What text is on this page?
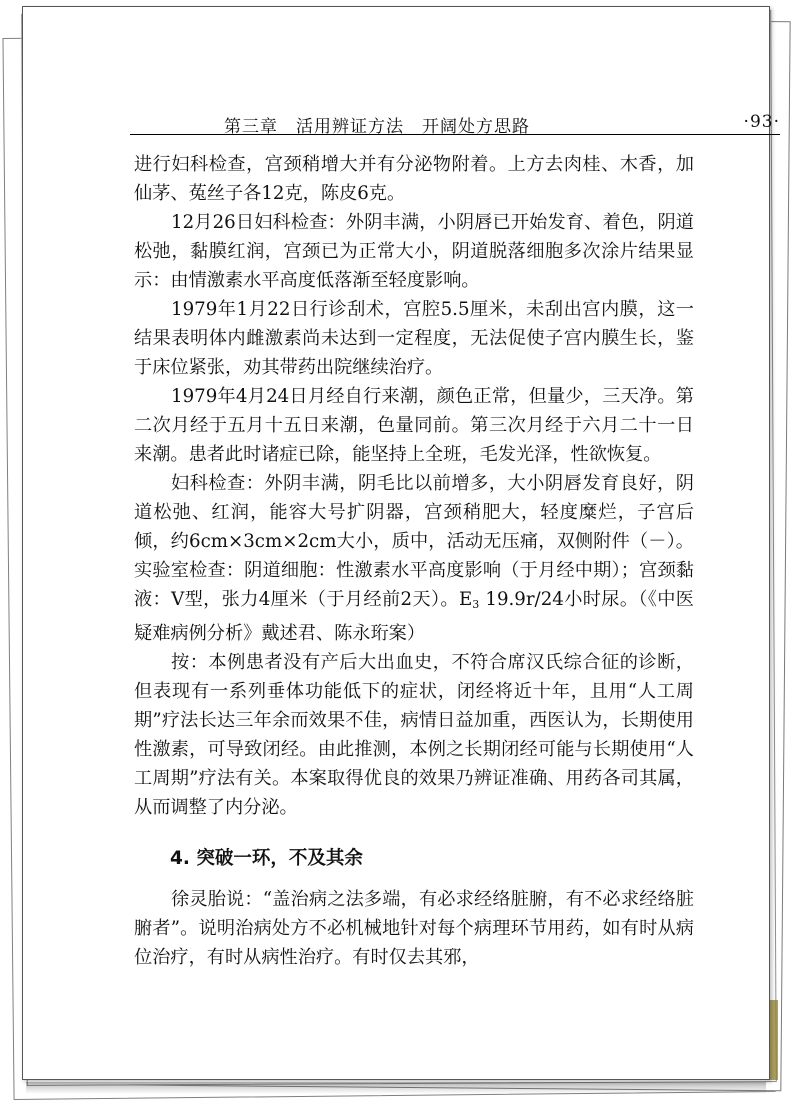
第三章　活用辨证方法　开阔处方思路	·93·

进行妇科检查，宫颈稍增大并有分泌物附着。上方去肉桂、木香，加仙茅、菟丝子各12克，陈皮6克。

12月26日妇科检查：外阴丰满，小阴唇已开始发育、着色，阴道松弛，黏膜红润，宫颈已为正常大小，阴道脱落细胞多次涂片结果显示：由情激素水平高度低落渐至轻度影响。

1979年1月22日行诊刮术，宫腔5.5厘米，未刮出宫内膜，这一结果表明体内雌激素尚未达到一定程度，无法促使子宫内膜生长，鉴于床位紧张，劝其带药出院继续治疗。

1979年4月24日月经自行来潮，颜色正常，但量少，三天净。第二次月经于五月十五日来潮，色量同前。第三次月经于六月二十一日来潮。患者此时诸症已除，能坚持上全班，毛发光泽，性欲恢复。

妇科检查：外阴丰满，阴毛比以前增多，大小阴唇发育良好，阴道松弛、红润，能容大号扩阴器，宫颈稍肥大，轻度糜烂，子宫后倾，约6cm×3cm×2cm大小，质中，活动无压痛，双侧附件（－）。实验室检查：阴道细胞：性激素水平高度影响（于月经中期）；宫颈黏液：Ⅴ型，张力4厘米（于月经前2天）。$E_3$ 19.9r/24小时尿。（《中医疑难病例分析》戴述君、陈永珩案）

按：本例患者没有产后大出血史，不符合席汉氏综合征的诊断，但表现有一系列垂体功能低下的症状，闭经将近十年，且用“人工周期”疗法长达三年余而效果不佳，病情日益加重，西医认为，长期使用性激素，可导致闭经。由此推测，本例之长期闭经可能与长期使用“人工周期”疗法有关。本案取得优良的效果乃辨证准确、用药各司其属，从而调整了内分泌。

4. 突破一环，不及其余

徐灵胎说：“盖治病之法多端，有必求经络脏腑，有不必求经络脏腑者”。说明治病处方不必机械地针对每个病理环节用药，如有时从病位治疗，有时从病性治疗。有时仅去其邪，
